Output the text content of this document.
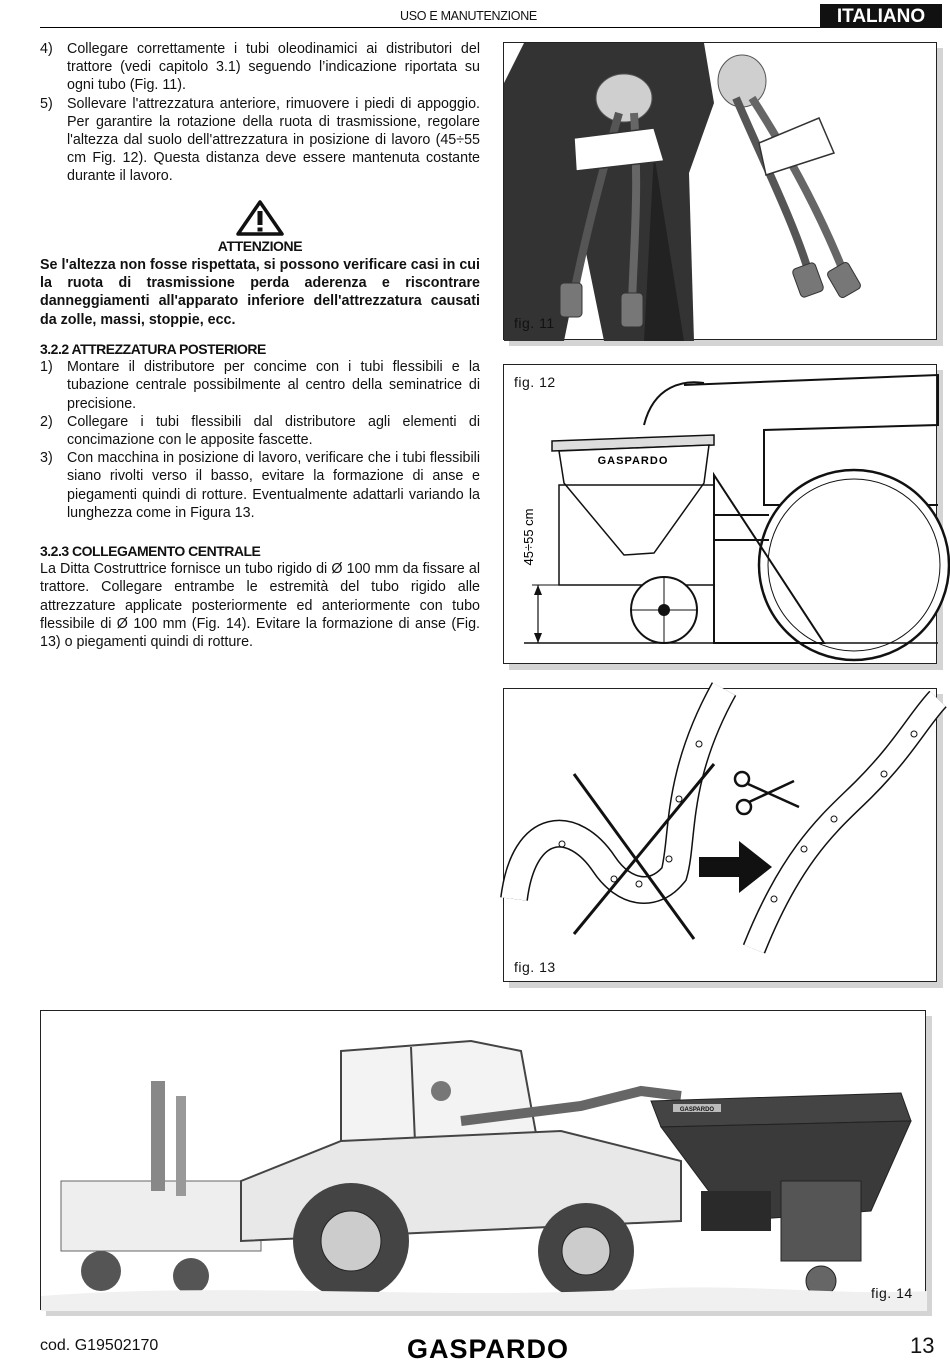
USO E MANUTENZIONE	ITALIANO
4) Collegare correttamente i tubi oleodinamici ai distributori del trattore (vedi capitolo 3.1) seguendo l’indicazione riportata su ogni tubo (Fig. 11).
5) Sollevare l'attrezzatura anteriore, rimuovere i piedi di appoggio. Per garantire la rotazione della ruota di trasmissione, regolare l'altezza dal suolo dell'attrezzatura in posizione di lavoro (45÷55 cm Fig. 12). Questa distanza deve essere mantenuta costante durante il lavoro.
ATTENZIONE
Se l'altezza non fosse rispettata, si possono verificare casi in cui la ruota di trasmissione perda aderenza e riscontrare danneggiamenti all'apparato inferiore dell'attrezzatura causati da zolle, massi, stoppie, ecc.
3.2.2 ATTREZZATURA POSTERIORE
1) Montare il distributore per concime con i tubi flessibili e la tubazione centrale possibilmente al centro della seminatrice di precisione.
2) Collegare i tubi flessibili dal distributore agli elementi di concimazione con le apposite fascette.
3) Con macchina in posizione di lavoro, verificare che i tubi flessibili siano rivolti verso il basso, evitare la formazione di anse e piegamenti quindi di rotture. Eventualmente adattarli variando la lunghezza come in Figura 13.
3.2.3 COLLEGAMENTO CENTRALE
La Ditta Costruttrice fornisce un tubo rigido di Ø 100 mm da fissare al trattore. Collegare entrambe le estremità del tubo rigido alle attrezzature applicate posteriormente ed anteriormente con tubo flessibile di Ø 100 mm (Fig. 14). Evitare la formazione di anse (Fig. 13) o piegamenti quindi di rotture.
fig. 11
GASPARDO
45÷55 cm
fig. 12
fig. 13
GASPARDO
fig. 14
cod. G19502170	GASPARDO	13
